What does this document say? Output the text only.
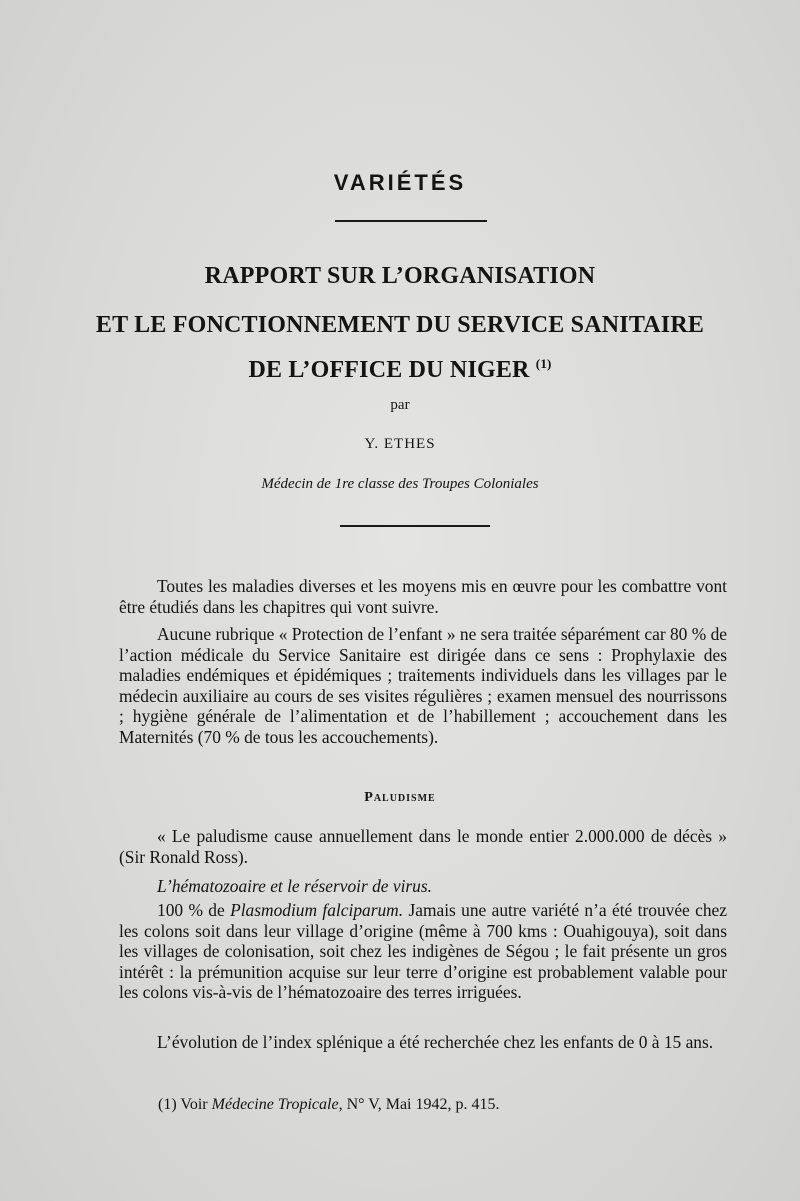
VARIÉTÉS
RAPPORT SUR L’ORGANISATION
ET LE FONCTIONNEMENT DU SERVICE SANITAIRE
DE L’OFFICE DU NIGER $^{(1)}$
par
Y. ETHES
Médecin de 1re classe des Troupes Coloniales

Toutes les maladies diverses et les moyens mis en œuvre pour les combattre vont être étudiés dans les chapitres qui vont suivre.

Aucune rubrique « Protection de l’enfant » ne sera traitée séparément car 80 % de l’action médicale du Service Sanitaire est dirigée dans ce sens : Prophylaxie des maladies endémiques et épidémiques ; traitements individuels dans les villages par le médecin auxiliaire au cours de ses visites régulières ; examen mensuel des nourrissons ; hygiène générale de l’alimentation et de l’habillement ; accouchement dans les Maternités (70 % de tous les accouchements).

Paludisme

« Le paludisme cause annuellement dans le monde entier 2.000.000 de décès » (Sir Ronald Ross).

L’hématozoaire et le réservoir de virus.

100 % de Plasmodium falciparum. Jamais une autre variété n’a été trouvée chez les colons soit dans leur village d’origine (même à 700 kms : Ouahigouya), soit dans les villages de colonisation, soit chez les indigènes de Ségou ; le fait présente un gros intérêt : la prémunition acquise sur leur terre d’origine est probablement valable pour les colons vis-à-vis de l’hématozoaire des terres irriguées.

L’évolution de l’index splénique a été recherchée chez les enfants de 0 à 15 ans.

(1) Voir Médecine Tropicale, N° V, Mai 1942, p. 415.
